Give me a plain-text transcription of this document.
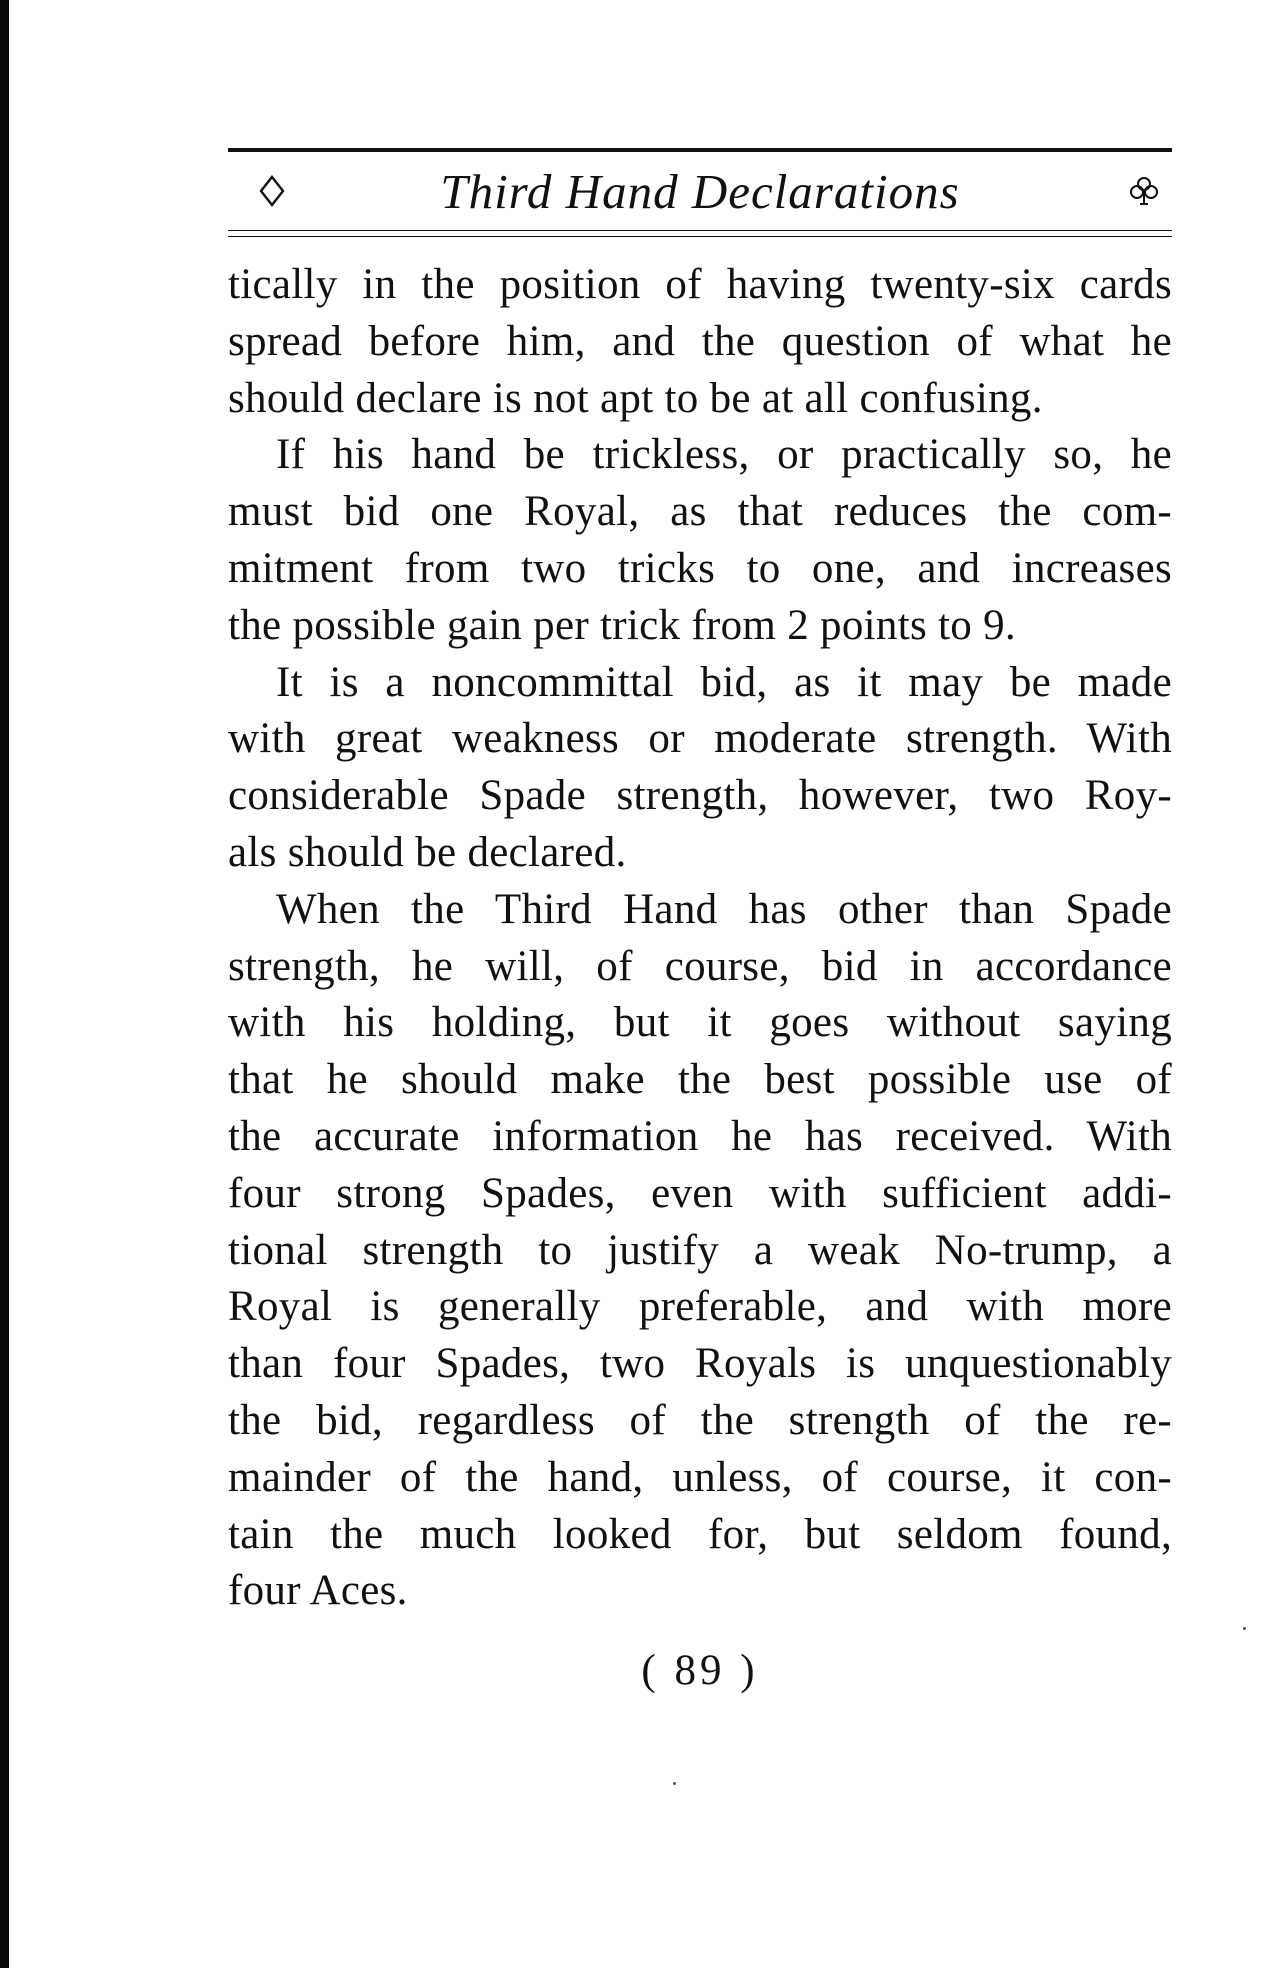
Third Hand Declarations
tically in the position of having twenty-six cards
spread before him, and the question of what he
should declare is not apt to be at all confusing.
If his hand be trickless, or practically so, he
must bid one Royal, as that reduces the com-
mitment from two tricks to one, and increases
the possible gain per trick from 2 points to 9.
It is a noncommittal bid, as it may be made
with great weakness or moderate strength. With
considerable Spade strength, however, two Roy-
als should be declared.
When the Third Hand has other than Spade
strength, he will, of course, bid in accordance
with his holding, but it goes without saying
that he should make the best possible use of
the accurate information he has received. With
four strong Spades, even with sufficient addi-
tional strength to justify a weak No-trump, a
Royal is generally preferable, and with more
than four Spades, two Royals is unquestionably
the bid, regardless of the strength of the re-
mainder of the hand, unless, of course, it con-
tain the much looked for, but seldom found,
four Aces.
( 89 )
